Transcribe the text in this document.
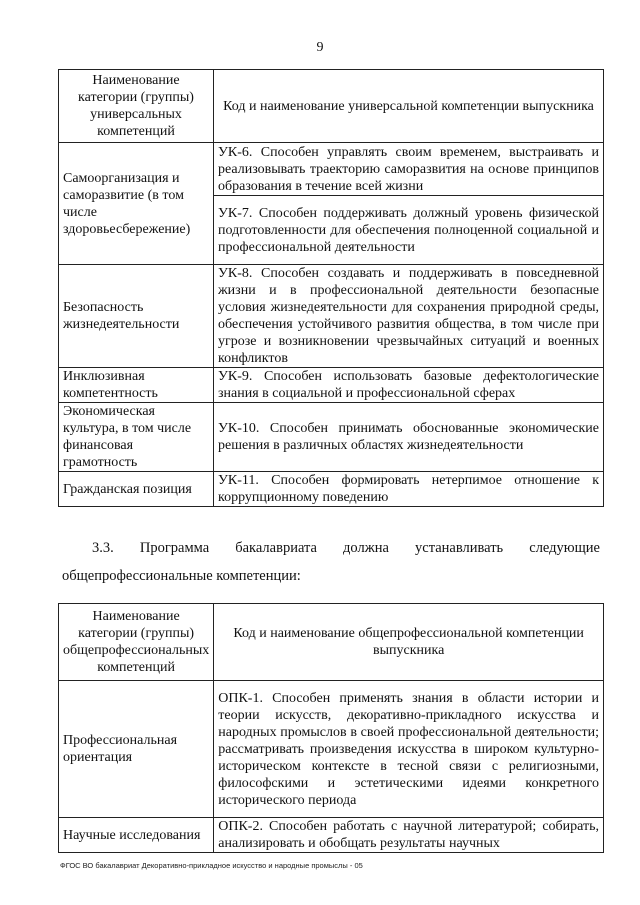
9
Наименование категории (группы) универсальных компетенций	Код и наименование универсальной компетенции выпускника
Самоорганизация и саморазвитие (в том числе здоровьесбережение)	УК-6. Способен управлять своим временем, выстраивать и реализовывать траекторию саморазвития на основе принципов образования в течение всей жизни
	УК-7. Способен поддерживать должный уровень физической подготовленности для обеспечения полноценной социальной и профессиональной деятельности
Безопасность жизнедеятельности	УК-8. Способен создавать и поддерживать в повседневной жизни и в профессиональной деятельности безопасные условия жизнедеятельности для сохранения природной среды, обеспечения устойчивого развития общества, в том числе при угрозе и возникновении чрезвычайных ситуаций и военных конфликтов
Инклюзивная компетентность	УК-9. Способен использовать базовые дефектологические знания в социальной и профессиональной сферах
Экономическая культура, в том числе финансовая грамотность	УК-10. Способен принимать обоснованные экономические решения в различных областях жизнедеятельности
Гражданская позиция	УК-11. Способен формировать нетерпимое отношение к коррупционному поведению
3.3. Программа бакалавриата должна устанавливать следующие
общепрофессиональные компетенции:
Наименование категории (группы) общепрофессиональных компетенций	Код и наименование общепрофессиональной компетенции выпускника
Профессиональная ориентация	ОПК-1. Способен применять знания в области истории и теории искусств, декоративно-прикладного искусства и народных промыслов в своей профессиональной деятельности; рассматривать произведения искусства в широком культурно-историческом контексте в тесной связи с религиозными, философскими и эстетическими идеями конкретного исторического периода
Научные исследования	ОПК-2. Способен работать с научной литературой; собирать, анализировать и обобщать результаты научных
ФГОС ВО бакалавриат Декоративно-прикладное искусство и народные промыслы - 05
